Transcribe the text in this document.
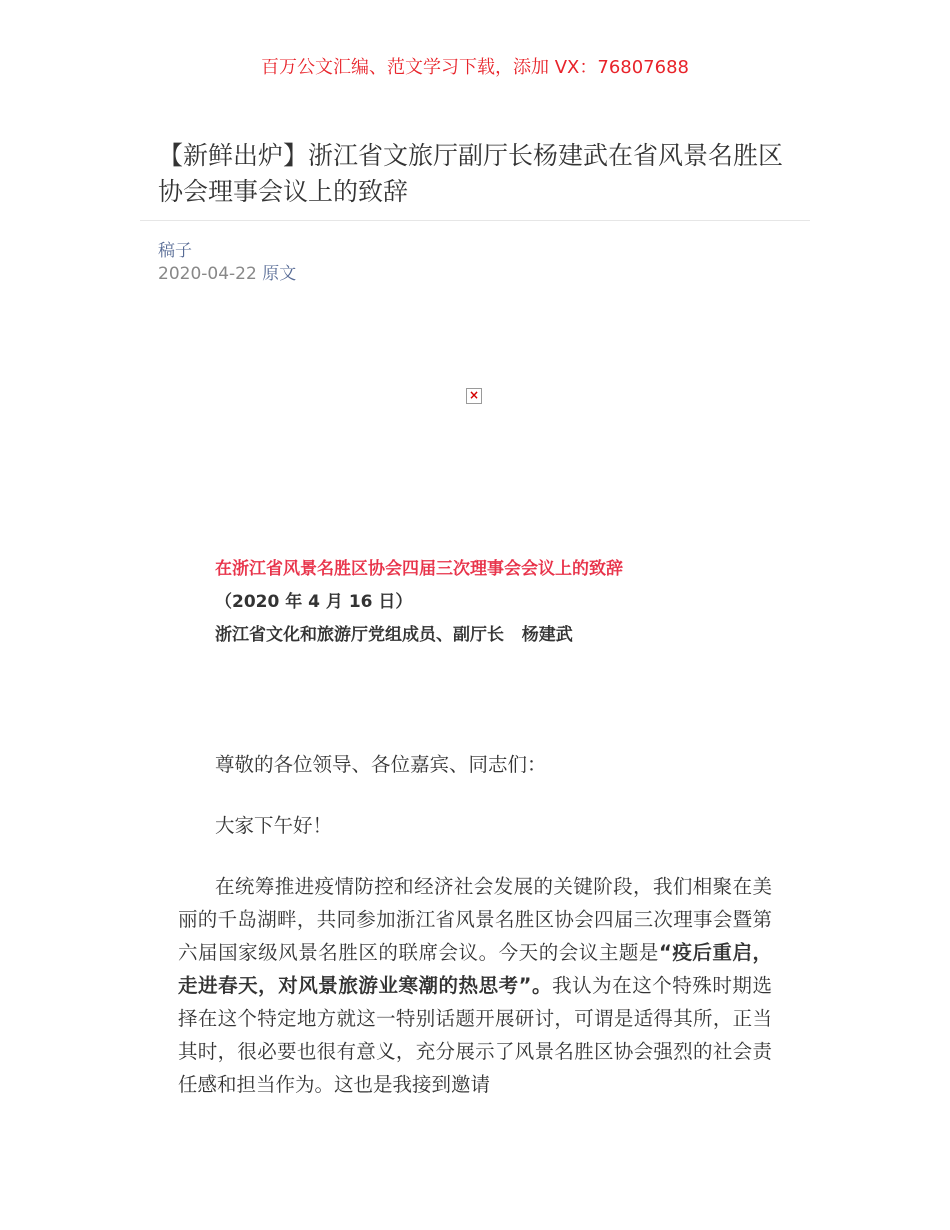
百万公文汇编、范文学习下载，添加 VX：76807688
【新鲜出炉】浙江省文旅厅副厅长杨建武在省风景名胜区协会理事会议上的致辞
稿子
2020-04-22 原文
×
在浙江省风景名胜区协会四届三次理事会会议上的致辞
（2020 年 4 月 16 日）
浙江省文化和旅游厅党组成员、副厅长   杨建武

尊敬的各位领导、各位嘉宾、同志们：

大家下午好！

在统筹推进疫情防控和经济社会发展的关键阶段，我们相聚在美丽的千岛湖畔，共同参加浙江省风景名胜区协会四届三次理事会暨第六届国家级风景名胜区的联席会议。今天的会议主题是“疫后重启，走进春天，对风景旅游业寒潮的热思考”。我认为在这个特殊时期选择在这个特定地方就这一特别话题开展研讨，可谓是适得其所，正当其时，很必要也很有意义，充分展示了风景名胜区协会强烈的社会责任感和担当作为。这也是我接到邀请
